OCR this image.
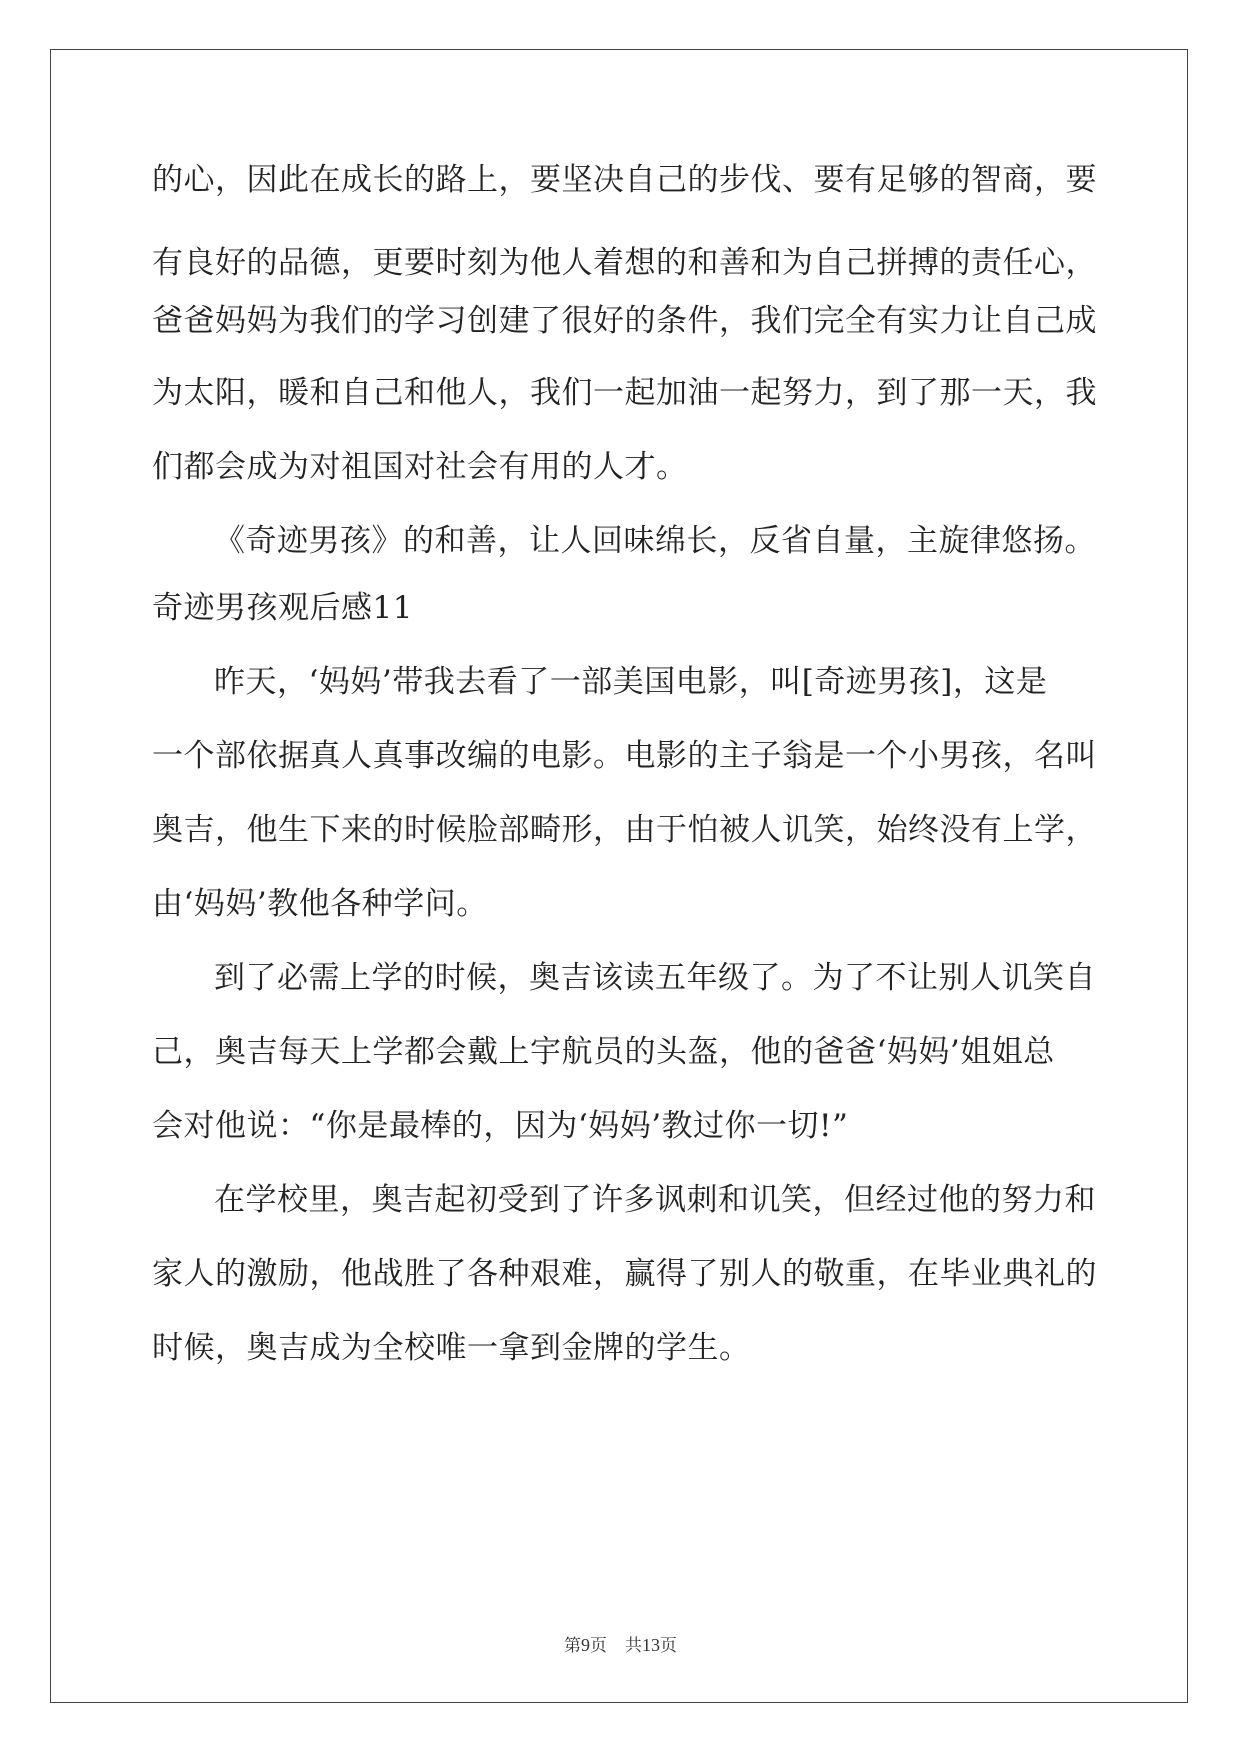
的心，因此在成长的路上，要坚决自己的步伐、要有足够的智商，要
有良好的品德，更要时刻为他人着想的和善和为自己拼搏的责任心，
爸爸妈妈为我们的学习创建了很好的条件，我们完全有实力让自己成
为太阳，暖和自己和他人，我们一起加油一起努力，到了那一天，我
们都会成为对祖国对社会有用的人才。
《奇迹男孩》的和善，让人回味绵长，反省自量，主旋律悠扬。
奇迹男孩观后感11
昨天，‘妈妈’带我去看了一部美国电影，叫[奇迹男孩]，这是
一个部依据真人真事改编的电影。电影的主子翁是一个小男孩，名叫
奥吉，他生下来的时候脸部畸形，由于怕被人讥笑，始终没有上学，
由‘妈妈’教他各种学问。
到了必需上学的时候，奥吉该读五年级了。为了不让别人讥笑自
己，奥吉每天上学都会戴上宇航员的头盔，他的爸爸‘妈妈’姐姐总
会对他说：“你是最棒的，因为‘妈妈’教过你一切!”
在学校里，奥吉起初受到了许多讽刺和讥笑，但经过他的努力和
家人的激励，他战胜了各种艰难，赢得了别人的敬重，在毕业典礼的
时候，奥吉成为全校唯一拿到金牌的学生。
第9页 共13页
